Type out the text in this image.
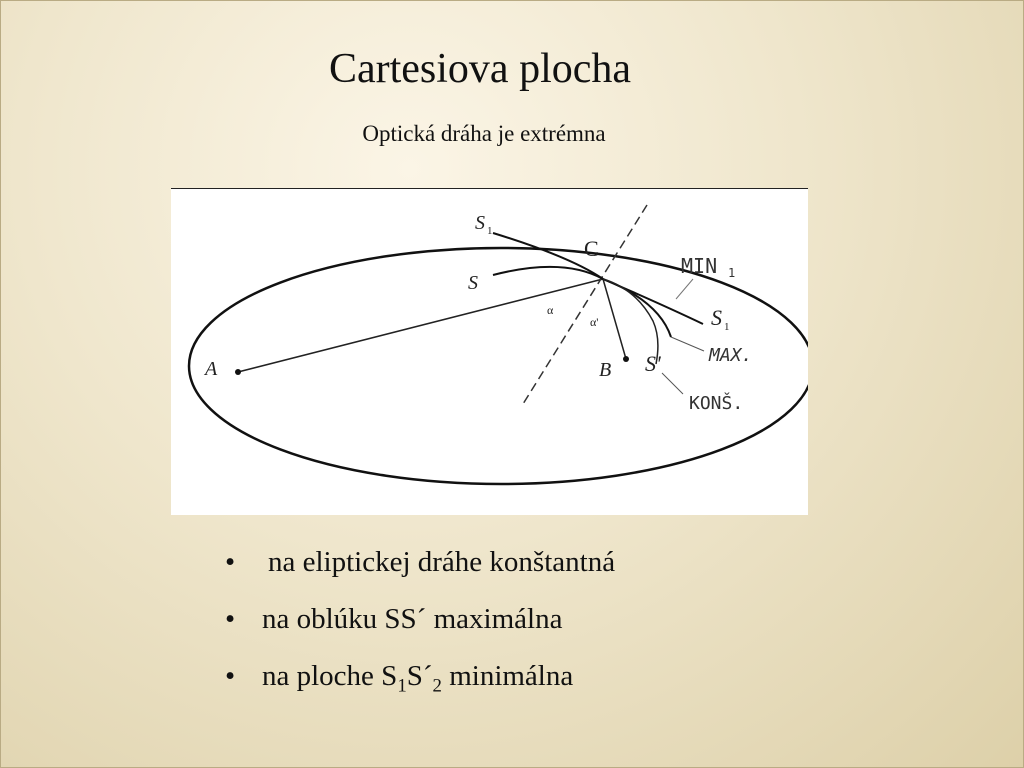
Cartesiova plocha
Optická dráha je extrémna
S 1
C
S
MIN 1
S 1
α
α'
MAX.
B S'
A
KONŠ.
• na eliptickej dráhe konštantná
• na oblúku SS´ maximálna
• na ploche $S_1S´_2$ minimálna
